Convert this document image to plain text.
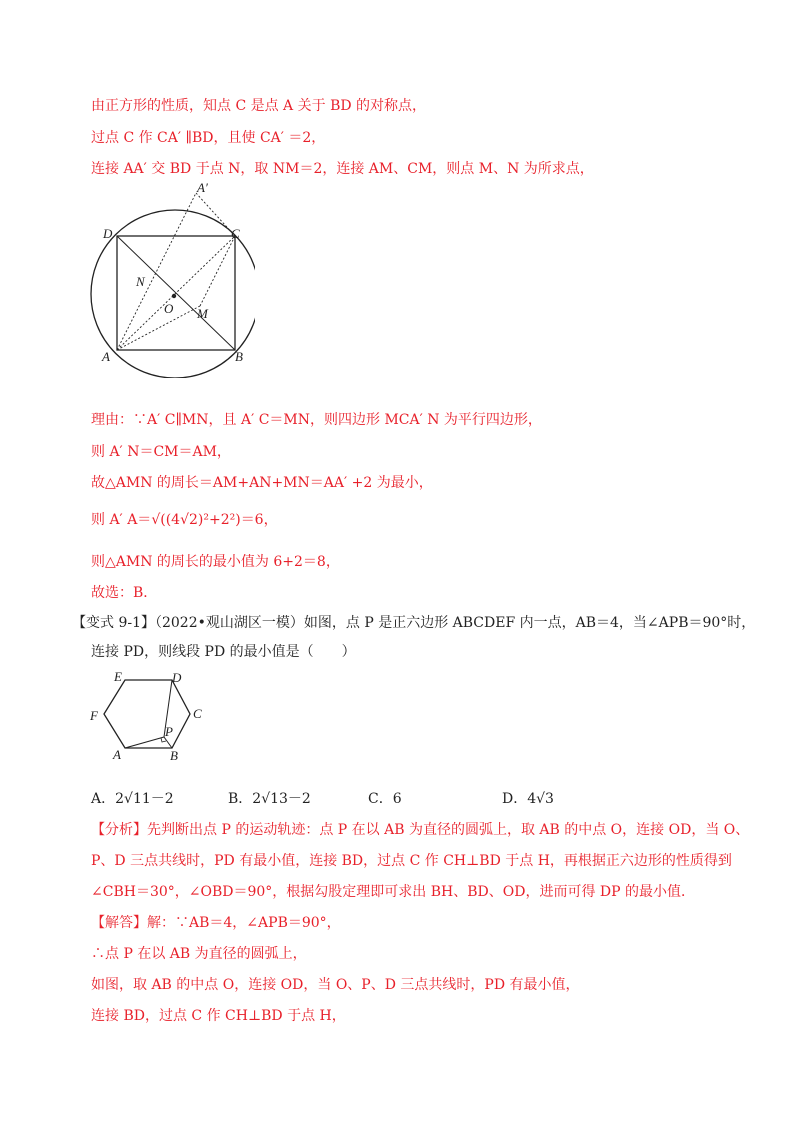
由正方形的性质，知点 C 是点 A 关于 BD 的对称点，
过点 C 作 CA′ ∥BD，且使 CA′ ＝2，
连接 AA′ 交 BD 于点 N，取 NM＝2，连接 AM、CM，则点 M、N 为所求点，
A′
D	C
N
O M
A	B
理由：∵A′ C∥MN，且 A′ C＝MN，则四边形 MCA′ N 为平行四边形，
则 A′ N＝CM＝AM，
故△AMN 的周长＝AM+AN+MN＝AA′ +2 为最小，
则 A′ A＝√((4√2)²+2²)＝6，
则△AMN 的周长的最小值为 6+2＝8，
故选：B．
【变式 9-1】（2022•观山湖区一模）如图，点 P 是正六边形 ABCDEF 内一点，AB＝4，当∠APB＝90°时，
连接 PD，则线段 PD 的最小值是（　　）
E	D
F	C
P
A	B
A．2√11－2	B．2√13－2	C．6	D．4√3
【分析】先判断出点 P 的运动轨迹：点 P 在以 AB 为直径的圆弧上，取 AB 的中点 O，连接 OD，当 O、
P、D 三点共线时，PD 有最小值，连接 BD，过点 C 作 CH⊥BD 于点 H，再根据正六边形的性质得到
∠CBH＝30°，∠OBD＝90°，根据勾股定理即可求出 BH、BD、OD，进而可得 DP 的最小值．
【解答】解：∵AB＝4，∠APB＝90°，
∴点 P 在以 AB 为直径的圆弧上，
如图，取 AB 的中点 O，连接 OD，当 O、P、D 三点共线时，PD 有最小值，
连接 BD，过点 C 作 CH⊥BD 于点 H，
